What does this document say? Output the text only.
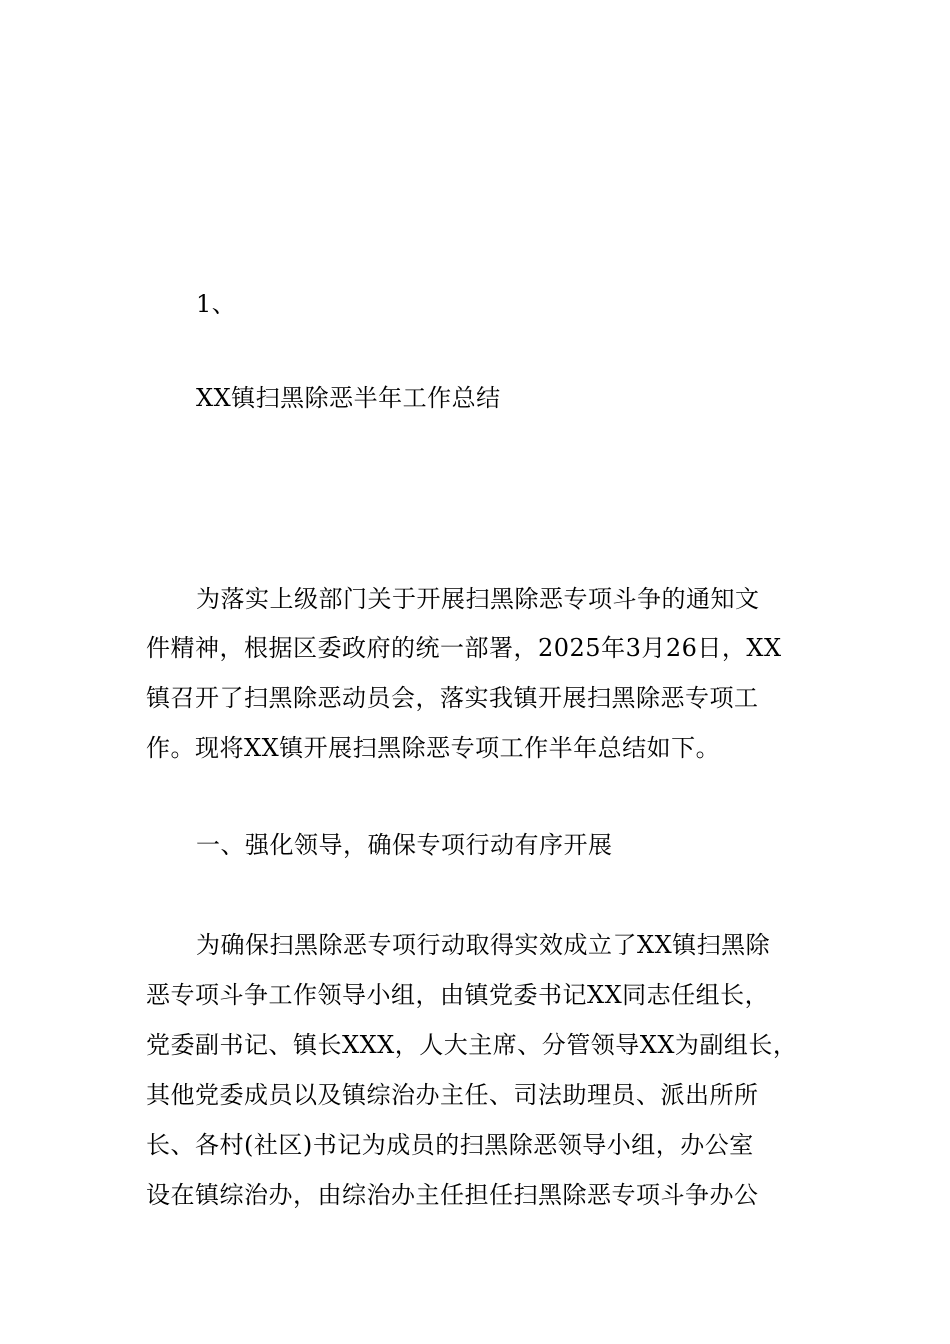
1、
XX镇扫黑除恶半年工作总结
为落实上级部门关于开展扫黑除恶专项斗争的通知文
件精神，根据区委政府的统一部署，2025年3月26日，XX
镇召开了扫黑除恶动员会，落实我镇开展扫黑除恶专项工
作。现将XX镇开展扫黑除恶专项工作半年总结如下。
一、强化领导，确保专项行动有序开展
为确保扫黑除恶专项行动取得实效成立了XX镇扫黑除
恶专项斗争工作领导小组，由镇党委书记XX同志任组长，
党委副书记、镇长XXX，人大主席、分管领导XX为副组长，
其他党委成员以及镇综治办主任、司法助理员、派出所所
长、各村(社区)书记为成员的扫黑除恶领导小组，办公室
设在镇综治办，由综治办主任担任扫黑除恶专项斗争办公
